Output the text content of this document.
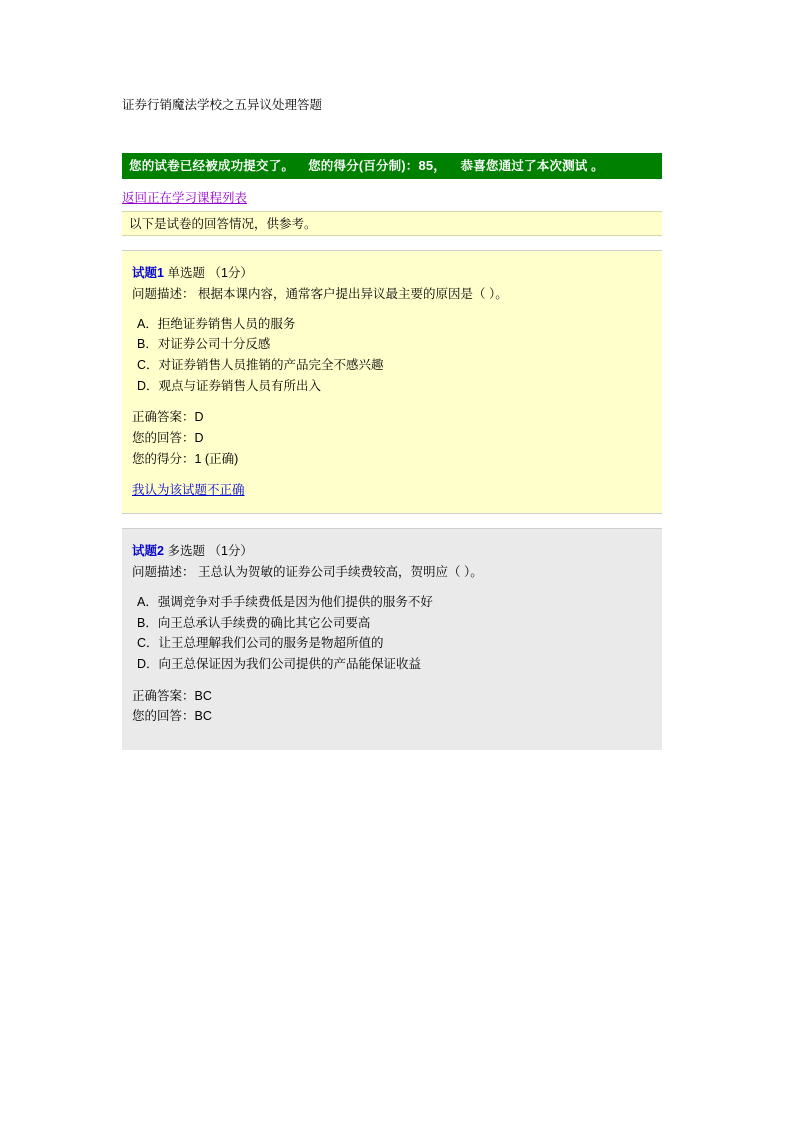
证券行销魔法学校之五异议处理答题
您的试卷已经被成功提交了。 您的得分(百分制)：85， 恭喜您通过了本次测试 。
返回正在学习课程列表
以下是试卷的回答情况，供参考。
试题1 单选题 （1分）
问题描述： 根据本课内容，通常客户提出异议最主要的原因是（ ）。
A．拒绝证券销售人员的服务
B．对证券公司十分反感
C．对证券销售人员推销的产品完全不感兴趣
D．观点与证券销售人员有所出入
正确答案：D
您的回答：D
您的得分：1 (正确)
我认为该试题不正确
试题2 多选题 （1分）
问题描述： 王总认为贺敏的证券公司手续费较高，贺明应（ ）。
A．强调竞争对手手续费低是因为他们提供的服务不好
B．向王总承认手续费的确比其它公司要高
C．让王总理解我们公司的服务是物超所值的
D．向王总保证因为我们公司提供的产品能保证收益
正确答案：BC
您的回答：BC
